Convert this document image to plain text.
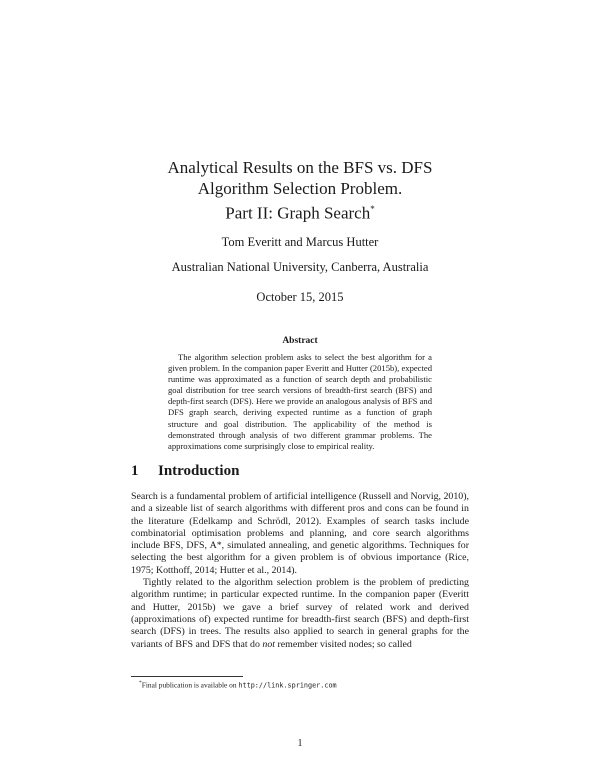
Analytical Results on the BFS vs. DFS
Algorithm Selection Problem.
Part II: Graph Search*
Tom Everitt and Marcus Hutter
Australian National University, Canberra, Australia
October 15, 2015
Abstract

The algorithm selection problem asks to select the best algorithm for a given problem. In the companion paper Everitt and Hutter (2015b), expected runtime was approximated as a function of search depth and probabilistic goal distribution for tree search versions of breadth-first search (BFS) and depth-first search (DFS). Here we provide an analogous analysis of BFS and DFS graph search, deriving expected runtime as a function of graph structure and goal distribution. The applicability of the method is demonstrated through analysis of two different grammar problems. The approximations come surprisingly close to empirical reality.

1 Introduction

Search is a fundamental problem of artificial intelligence (Russell and Norvig, 2010), and a sizeable list of search algorithms with different pros and cons can be found in the literature (Edelkamp and Schrödl, 2012). Examples of search tasks include combinatorial optimisation problems and planning, and core search algorithms include BFS, DFS, A*, simulated annealing, and genetic algorithms. Techniques for selecting the best algorithm for a given problem is of obvious importance (Rice, 1975; Kotthoff, 2014; Hutter et al., 2014).

Tightly related to the algorithm selection problem is the problem of predicting algorithm runtime; in particular expected runtime. In the companion paper (Everitt and Hutter, 2015b) we gave a brief survey of related work and derived (approximations of) expected runtime for breadth-first search (BFS) and depth-first search (DFS) in trees. The results also applied to search in general graphs for the variants of BFS and DFS that do not remember visited nodes; so called

*Final publication is available on http://link.springer.com
1
